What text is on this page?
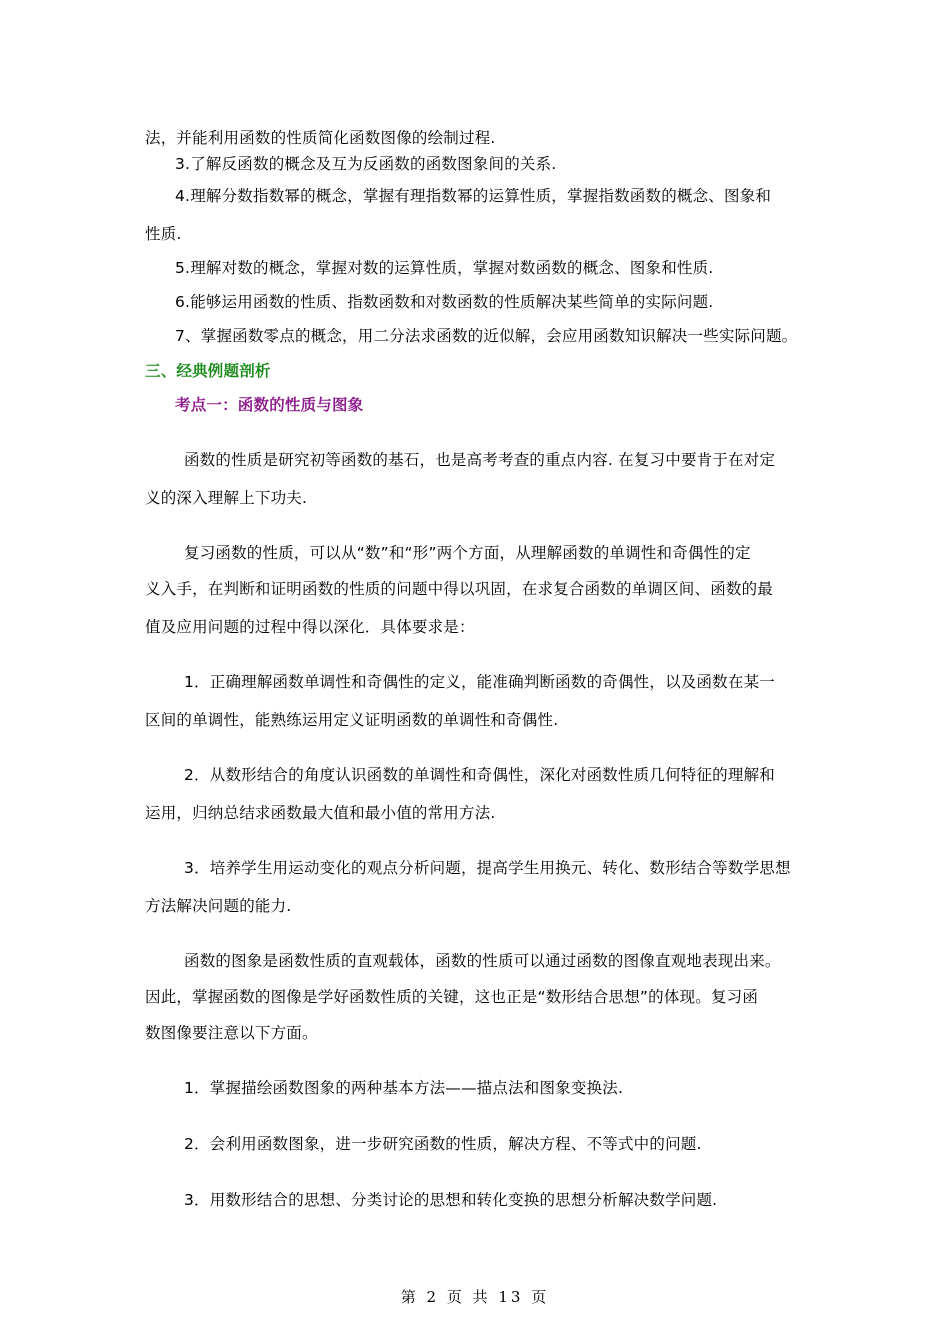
法，并能利用函数的性质简化函数图像的绘制过程.
3.了解反函数的概念及互为反函数的函数图象间的关系.
4.理解分数指数幂的概念，掌握有理指数幂的运算性质，掌握指数函数的概念、图象和
性质.
5.理解对数的概念，掌握对数的运算性质，掌握对数函数的概念、图象和性质.
6.能够运用函数的性质、指数函数和对数函数的性质解决某些简单的实际问题.
7、掌握函数零点的概念，用二分法求函数的近似解，会应用函数知识解决一些实际问题。
三、经典例题剖析
考点一：函数的性质与图象
函数的性质是研究初等函数的基石，也是高考考查的重点内容. 在复习中要肯于在对定
义的深入理解上下功夫.
复习函数的性质，可以从“数”和“形”两个方面，从理解函数的单调性和奇偶性的定
义入手，在判断和证明函数的性质的问题中得以巩固，在求复合函数的单调区间、函数的最
值及应用问题的过程中得以深化．具体要求是：
1．正确理解函数单调性和奇偶性的定义，能准确判断函数的奇偶性，以及函数在某一
区间的单调性，能熟练运用定义证明函数的单调性和奇偶性.
2．从数形结合的角度认识函数的单调性和奇偶性，深化对函数性质几何特征的理解和
运用，归纳总结求函数最大值和最小值的常用方法.
3．培养学生用运动变化的观点分析问题，提高学生用换元、转化、数形结合等数学思想
方法解决问题的能力.
函数的图象是函数性质的直观载体，函数的性质可以通过函数的图像直观地表现出来。
因此，掌握函数的图像是学好函数性质的关键，这也正是“数形结合思想”的体现。复习函
数图像要注意以下方面。
1．掌握描绘函数图象的两种基本方法——描点法和图象变换法.
2．会利用函数图象，进一步研究函数的性质，解决方程、不等式中的问题.
3．用数形结合的思想、分类讨论的思想和转化变换的思想分析解决数学问题.
第 2 页 共 13 页
